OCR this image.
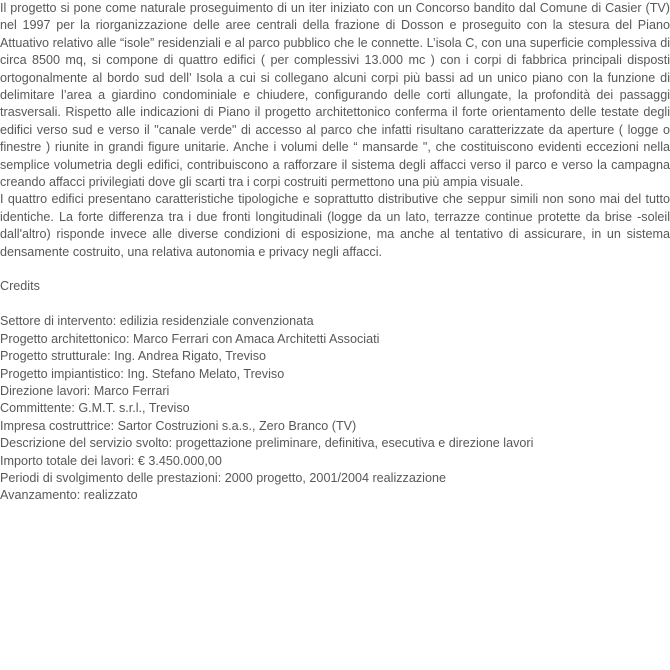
Il progetto si pone come naturale proseguimento di un iter iniziato con un Concorso bandito dal Comune di Casier (TV) nel 1997 per la riorganizzazione delle aree centrali della frazione di Dosson e proseguito con la stesura del Piano Attuativo relativo alle “isole” residenziali e al parco pubblico che le connette. L’isola C, con una superficie complessiva di circa 8500 mq, si compone di quattro edifici ( per complessivi 13.000 mc ) con i corpi di fabbrica principali disposti ortogonalmente al bordo sud dell’ Isola a cui si collegano alcuni corpi più bassi ad un unico piano con la funzione di delimitare l’area a giardino condominiale e chiudere, configurando delle corti allungate, la profondità dei passaggi trasversali. Rispetto alle indicazioni di Piano il progetto architettonico conferma il forte orientamento delle testate degli edifici verso sud e verso il "canale verde" di accesso al parco che infatti risultano caratterizzate da aperture ( logge o finestre ) riunite in grandi figure unitarie. Anche i volumi delle “ mansarde ", che costituiscono evidenti eccezioni nella semplice volumetria degli edifici, contribuiscono a rafforzare il sistema degli affacci verso il parco e verso la campagna creando affacci privilegiati dove gli scarti tra i corpi costruiti permettono una più ampia visuale.

I quattro edifici presentano caratteristiche tipologiche e soprattutto distributive che seppur simili non sono mai del tutto identiche. La forte differenza tra i due fronti longitudinali (logge da un lato, terrazze continue protette da brise -soleil dall'altro) risponde invece alle diverse condizioni di esposizione, ma anche al tentativo di assicurare, in un sistema densamente costruito, una relativa autonomia e privacy negli affacci.

Credits

Settore di intervento: edilizia residenziale convenzionata
Progetto architettonico: Marco Ferrari con Amaca Architetti Associati
Progetto strutturale: Ing. Andrea Rigato, Treviso
Progetto impiantistico: Ing. Stefano Melato, Treviso
Direzione lavori: Marco Ferrari
Committente: G.M.T. s.r.l., Treviso
Impresa costruttrice: Sartor Costruzioni s.a.s., Zero Branco (TV)
Descrizione del servizio svolto: progettazione preliminare, definitiva, esecutiva e direzione lavori
Importo totale dei lavori: € 3.450.000,00
Periodi di svolgimento delle prestazioni: 2000 progetto, 2001/2004 realizzazione
Avanzamento: realizzato
